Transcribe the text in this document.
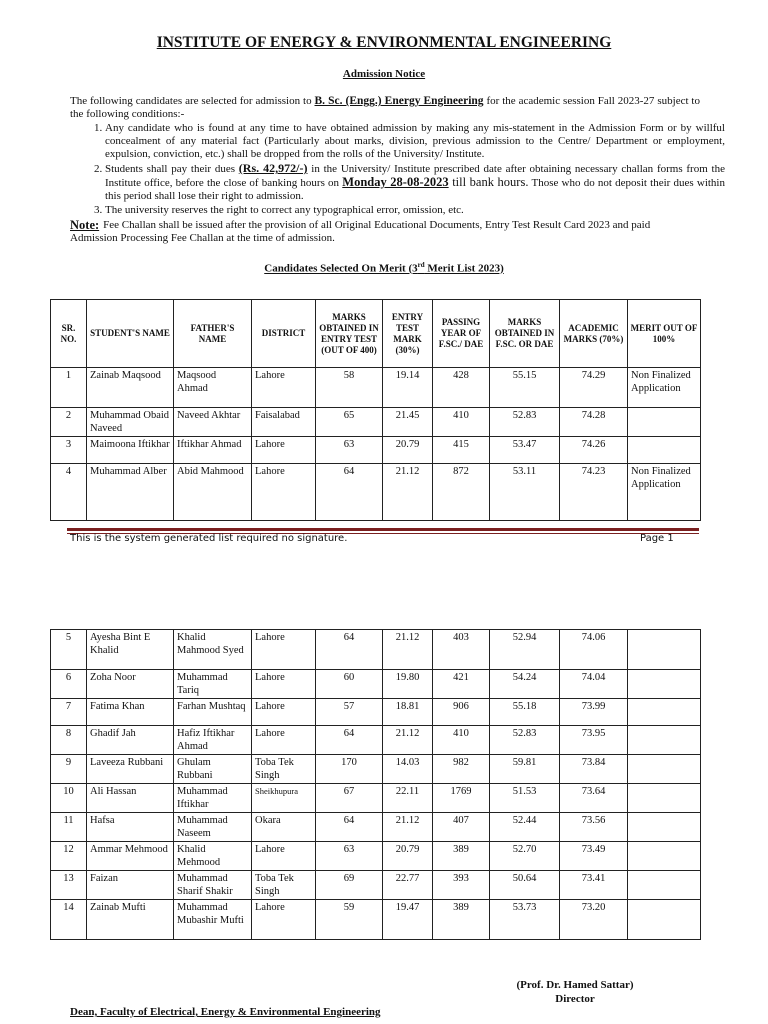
INSTITUTE OF ENERGY & ENVIRONMENTAL ENGINEERING
Admission Notice
The following candidates are selected for admission to B. Sc. (Engg.) Energy Engineering for the academic session Fall 2023-27 subject to the following conditions:-
1. Any candidate who is found at any time to have obtained admission by making any mis-statement in the Admission Form or by willful concealment of any material fact (Particularly about marks, division, previous admission to the Centre/ Department or employment, expulsion, conviction, etc.) shall be dropped from the rolls of the University/ Institute.
2. Students shall pay their dues (Rs. 42,972/-) in the University/ Institute prescribed date after obtaining necessary challan forms from the Institute office, before the close of banking hours on Monday 28-08-2023 till bank hours. Those who do not deposit their dues within this period shall lose their right to admission.
3. The university reserves the right to correct any typographical error, omission, etc.
Note: Fee Challan shall be issued after the provision of all Original Educational Documents, Entry Test Result Card 2023 and paid Admission Processing Fee Challan at the time of admission.
Candidates Selected On Merit (3rd Merit List 2023)
SR. NO.	STUDENT'S NAME	FATHER'S NAME	DISTRICT	MARKS OBTAINED IN ENTRY TEST (OUT OF 400)	ENTRY TEST MARK (30%)	PASSING YEAR OF F.SC./ DAE	MARKS OBTAINED IN F.SC. OR DAE	ACADEMIC MARKS (70%)	MERIT OUT OF 100%
1	Zainab Maqsood	Maqsood Ahmad	Lahore	58	19.14	428	55.15	74.29	Non Finalized Application
2	Muhammad Obaid Naveed	Naveed Akhtar	Faisalabad	65	21.45	410	52.83	74.28	
3	Maimoona Iftikhar	Iftikhar Ahmad	Lahore	63	20.79	415	53.47	74.26	
4	Muhammad Alber	Abid Mahmood	Lahore	64	21.12	872	53.11	74.23	Non Finalized Application
This is the system generated list required no signature.	Page 1
5	Ayesha Bint E Khalid	Khalid Mahmood Syed	Lahore	64	21.12	403	52.94	74.06	
6	Zoha Noor	Muhammad Tariq	Lahore	60	19.80	421	54.24	74.04	
7	Fatima Khan	Farhan Mushtaq	Lahore	57	18.81	906	55.18	73.99	
8	Ghadif Jah	Hafiz Iftikhar Ahmad	Lahore	64	21.12	410	52.83	73.95	
9	Laveeza Rubbani	Ghulam Rubbani	Toba Tek Singh	170	14.03	982	59.81	73.84	
10	Ali Hassan	Muhammad Iftikhar	Sheikhupura	67	22.11	1769	51.53	73.64	
11	Hafsa	Muhammad Naseem	Okara	64	21.12	407	52.44	73.56	
12	Ammar Mehmood	Khalid Mehmood	Lahore	63	20.79	389	52.70	73.49	
13	Faizan	Muhammad Sharif Shakir	Toba Tek Singh	69	22.77	393	50.64	73.41	
14	Zainab Mufti	Muhammad Mubashir Mufti	Lahore	59	19.47	389	53.73	73.20	
(Prof. Dr. Hamed Sattar)
Director
Dean, Faculty of Electrical, Energy & Environmental Engineering
